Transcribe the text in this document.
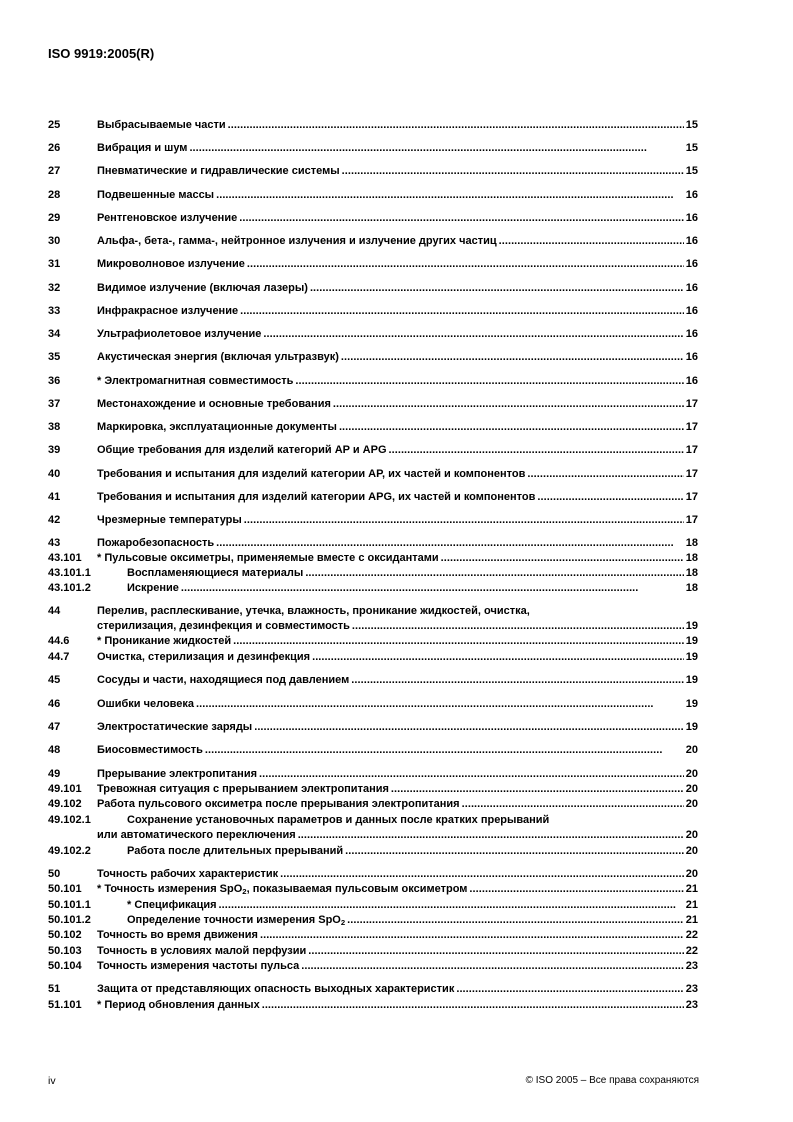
ISO 9919:2005(R)
25	Выбрасываемые части . . .	15
26	Вибрация и шум . . .	15
27	Пневматические и гидравлические системы . . .	15
28	Подвешенные массы . . .	16
29	Рентгеновское излучение . . .	16
30	Альфа-, бета-, гамма-, нейтронное излучения и излучение других частиц . . .	16
31	Микроволновое излучение . . .	16
32	Видимое излучение (включая лазеры) . . .	16
33	Инфракрасное излучение . . .	16
34	Ультрафиолетовое излучение . . .	16
35	Акустическая энергия (включая ультразвук) . . .	16
36	* Электромагнитная совместимость . . .	16
37	Местонахождение и основные требования . . .	17
38	Маркировка, эксплуатационные документы . . .	17
39	Общие требования для изделий категорий AP и APG . . .	17
40	Требования и испытания для изделий категории AP, их частей и компонентов . . .	17
41	Требования и испытания для изделий категории APG, их частей и компонентов . . .	17
42	Чрезмерные температуры . . .	17
43	Пожаробезопасность . . .	18
43.101 * Пульсовые оксиметры, применяемые вместе с оксидантами . . .	18
43.101.1	Воспламеняющиеся материалы . . .	18
43.101.2	Искрение . . .	18
44	Перелив, расплескивание, утечка, влажность, проникание жидкостей, очистка,
стерилизация, дезинфекция и совместимость . . .	19
44.6	* Проникание жидкостей . . .	19
44.7	Очистка, стерилизация и дезинфекция . . .	19
45	Сосуды и части, находящиеся под давлением . . .	19
46	Ошибки человека . . .	19
47	Электростатические заряды . . .	19
48	Биосовместимость . . .	20
49	Прерывание электропитания . . .	20
49.101 Тревожная ситуация с прерыванием электропитания . . .	20
49.102 Работа пульсового оксиметра после прерывания электропитания . . .	20
49.102.1	Сохранение установочных параметров и данных после кратких прерываний
или автоматического переключения . . .	20
49.102.2	Работа после длительных прерываний . . .	20
50	Точность рабочих характеристик . . .	20
50.101 * Точность измерения SpO$_2$, показываемая пульсовым оксиметром . . .	21
50.101.1	* Спецификация . . .	21
50.101.2	Определение точности измерения SpO$_2$ . . .	21
50.102 Точность во время движения . . .	22
50.103 Точность в условиях малой перфузии . . .	22
50.104 Точность измерения частоты пульса . . .	23
51	Защита от представляющих опасность выходных характеристик . . .	23
51.101 * Период обновления данных . . .	23
iv	© ISO 2005 – Все права сохраняются
